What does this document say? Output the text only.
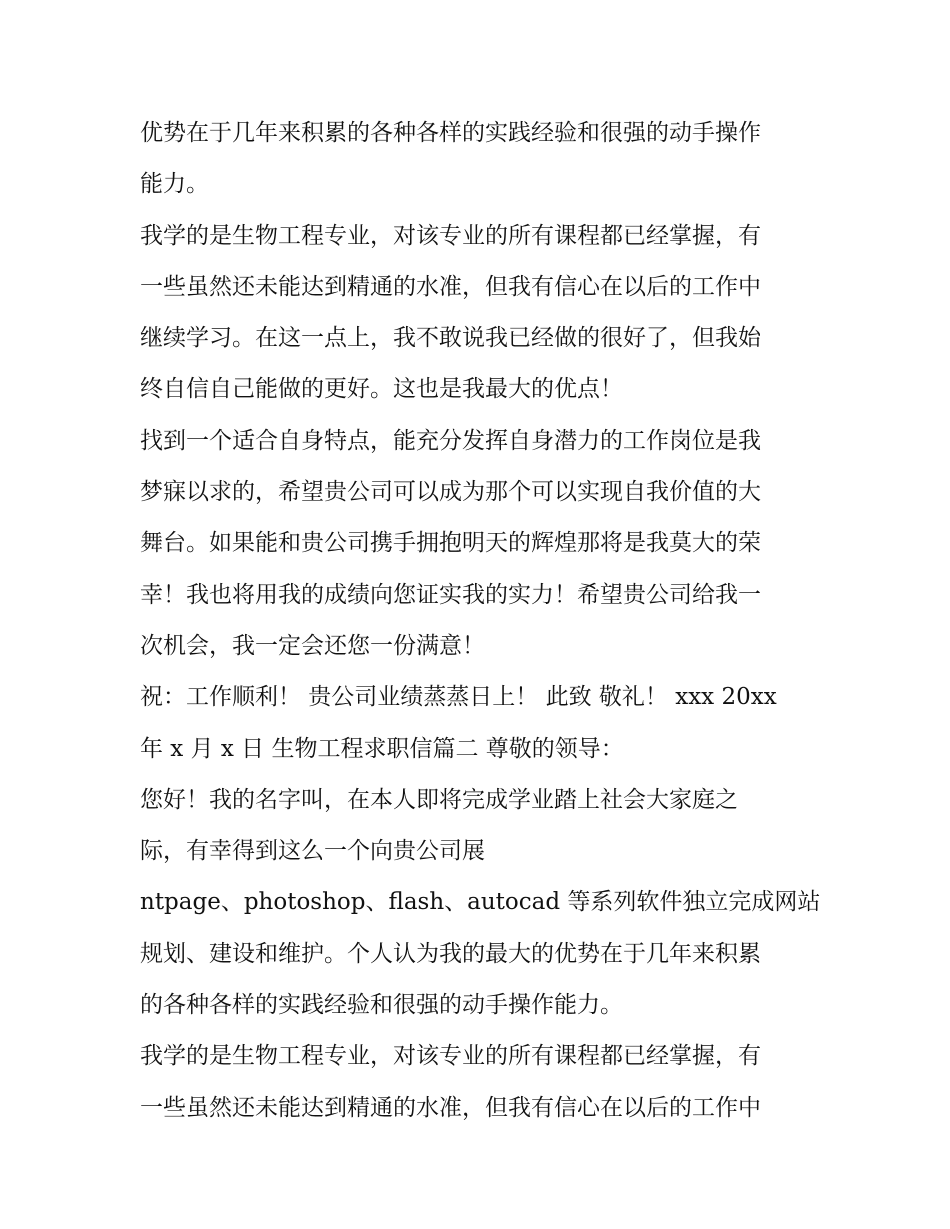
优势在于几年来积累的各种各样的实践经验和很强的动手操作
能力。
我学的是生物工程专业，对该专业的所有课程都已经掌握，有
一些虽然还未能达到精通的水准，但我有信心在以后的工作中
继续学习。在这一点上，我不敢说我已经做的很好了，但我始
终自信自己能做的更好。这也是我最大的优点！
找到一个适合自身特点，能充分发挥自身潜力的工作岗位是我
梦寐以求的，希望贵公司可以成为那个可以实现自我价值的大
舞台。如果能和贵公司携手拥抱明天的辉煌那将是我莫大的荣
幸！我也将用我的成绩向您证实我的实力！希望贵公司给我一
次机会，我一定会还您一份满意！
祝：工作顺利！ 贵公司业绩蒸蒸日上！ 此致 敬礼！ xxx 20xx
年 x 月 x 日 生物工程求职信篇二 尊敬的领导：
您好！我的名字叫，在本人即将完成学业踏上社会大家庭之
际，有幸得到这么一个向贵公司展
ntpage、photoshop、flash、autocad 等系列软件独立完成网站
规划、建设和维护。个人认为我的最大的优势在于几年来积累
的各种各样的实践经验和很强的动手操作能力。
我学的是生物工程专业，对该专业的所有课程都已经掌握，有
一些虽然还未能达到精通的水准，但我有信心在以后的工作中
